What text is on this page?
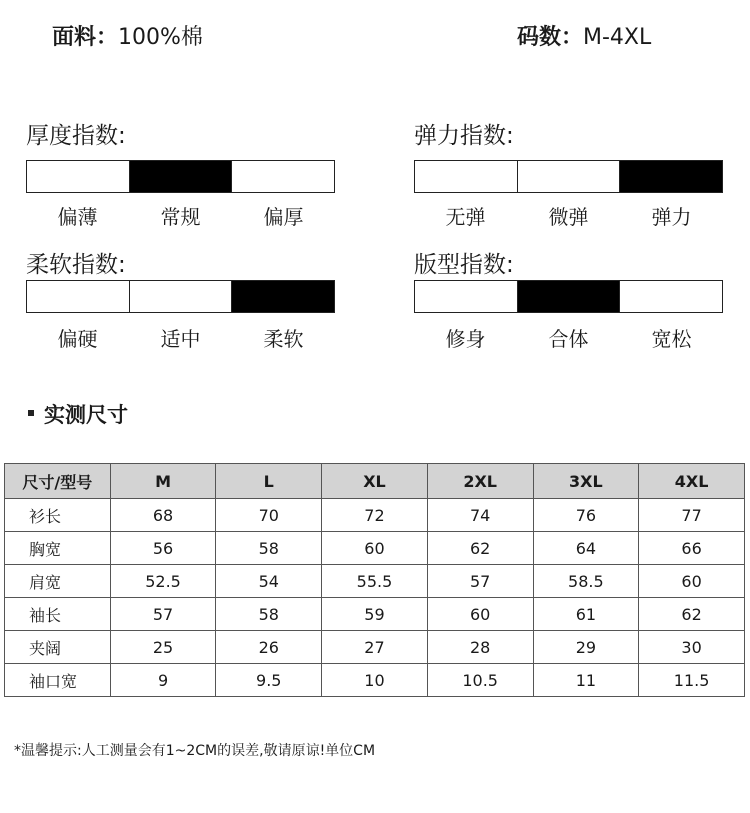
面料：100%棉	码数：M-4XL
厚度指数:
偏薄	常规	偏厚
弹力指数:
无弹	微弹	弹力
柔软指数:
偏硬	适中	柔软
版型指数:
修身	合体	宽松
实测尺寸
尺寸/型号	M	L	XL	2XL	3XL	4XL
衫长	68	70	72	74	76	77
胸宽	56	58	60	62	64	66
肩宽	52.5	54	55.5	57	58.5	60
袖长	57	58	59	60	61	62
夹阔	25	26	27	28	29	30
袖口宽	9	9.5	10	10.5	11	11.5
*温馨提示:人工测量会有1~2CM的误差,敬请原谅!单位CM
